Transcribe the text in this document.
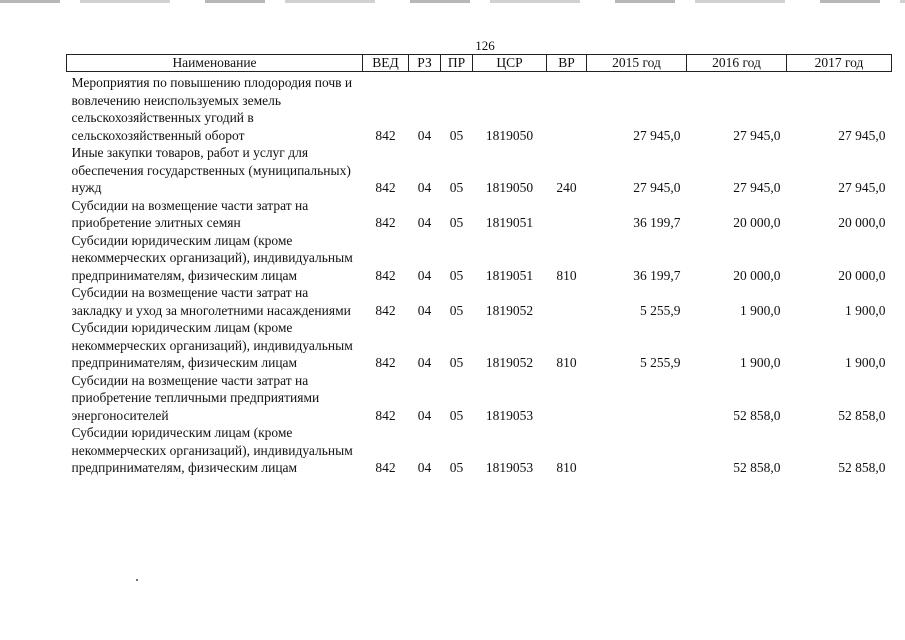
126
Наименование	ВЕД	РЗ	ПР	ЦСР	ВР	2015 год	2016 год	2017 год
Мероприятия по повышению плодородия почв и вовлечению неиспользуемых земель сельскохозяйственных угодий в сельскохозяйственный оборот	842	04	05	1819050		27 945,0	27 945,0	27 945,0
Иные закупки товаров, работ и услуг для обеспечения государственных (муниципальных) нужд	842	04	05	1819050	240	27 945,0	27 945,0	27 945,0
Субсидии на возмещение части затрат на приобретение элитных семян	842	04	05	1819051		36 199,7	20 000,0	20 000,0
Субсидии юридическим лицам (кроме некоммерческих организаций), индивидуальным предпринимателям, физическим лицам	842	04	05	1819051	810	36 199,7	20 000,0	20 000,0
Субсидии на возмещение части затрат на закладку и уход за многолетними насаждениями	842	04	05	1819052		5 255,9	1 900,0	1 900,0
Субсидии юридическим лицам (кроме некоммерческих организаций), индивидуальным предпринимателям, физическим лицам	842	04	05	1819052	810	5 255,9	1 900,0	1 900,0
Субсидии на возмещение части затрат на приобретение тепличными предприятиями энергоносителей	842	04	05	1819053			52 858,0	52 858,0
Субсидии юридическим лицам (кроме некоммерческих организаций), индивидуальным предпринимателям, физическим лицам	842	04	05	1819053	810		52 858,0	52 858,0
